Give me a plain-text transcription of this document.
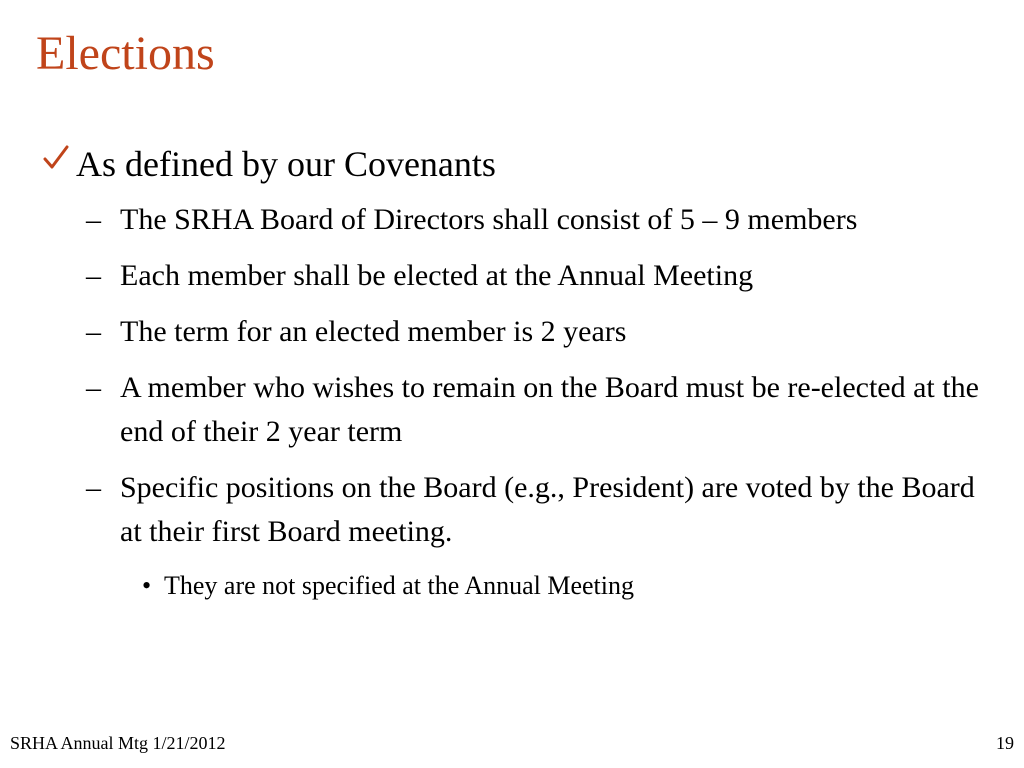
Elections
As defined by our Covenants
– The SRHA Board of Directors shall consist of 5 – 9 members
– Each member shall be elected at the Annual Meeting
– The term for an elected member is 2 years
– A member who wishes to remain on the Board must be re-elected at the end of their 2 year term
– Specific positions on the Board (e.g., President) are voted by the Board at their first Board meeting.
• They are not specified at the Annual Meeting
SRHA Annual Mtg 1/21/2012	19
